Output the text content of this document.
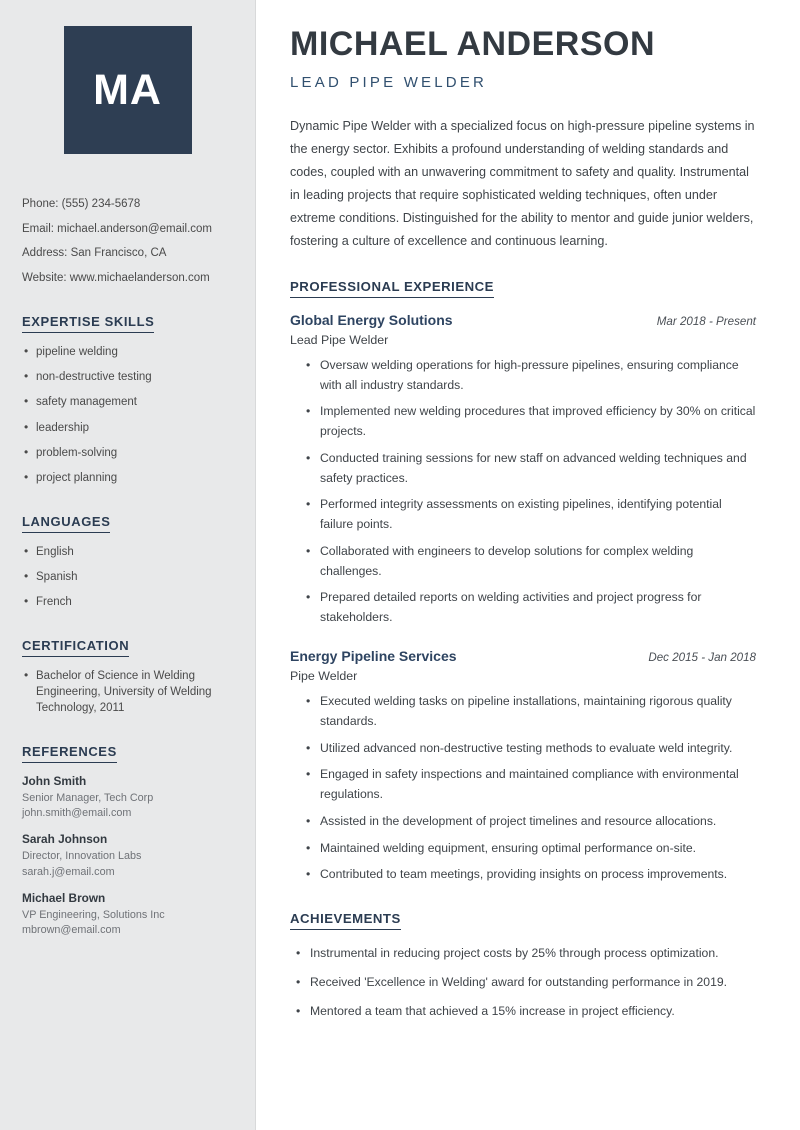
MA
Phone: (555) 234-5678
Email: michael.anderson@email.com
Address: San Francisco, CA
Website: www.michaelanderson.com
EXPERTISE SKILLS
• pipeline welding
• non-destructive testing
• safety management
• leadership
• problem-solving
• project planning
LANGUAGES
• English
• Spanish
• French
CERTIFICATION
• Bachelor of Science in Welding Engineering, University of Welding Technology, 2011
REFERENCES
John Smith
Senior Manager, Tech Corp
john.smith@email.com
Sarah Johnson
Director, Innovation Labs
sarah.j@email.com
Michael Brown
VP Engineering, Solutions Inc
mbrown@email.com
MICHAEL ANDERSON
LEAD PIPE WELDER

Dynamic Pipe Welder with a specialized focus on high-pressure pipeline systems in the energy sector. Exhibits a profound understanding of welding standards and codes, coupled with an unwavering commitment to safety and quality. Instrumental in leading projects that require sophisticated welding techniques, often under extreme conditions. Distinguished for the ability to mentor and guide junior welders, fostering a culture of excellence and continuous learning.

PROFESSIONAL EXPERIENCE
Global Energy Solutions	Mar 2018 - Present
Lead Pipe Welder
• Oversaw welding operations for high-pressure pipelines, ensuring compliance with all industry standards.
• Implemented new welding procedures that improved efficiency by 30% on critical projects.
• Conducted training sessions for new staff on advanced welding techniques and safety practices.
• Performed integrity assessments on existing pipelines, identifying potential failure points.
• Collaborated with engineers to develop solutions for complex welding challenges.
• Prepared detailed reports on welding activities and project progress for stakeholders.
Energy Pipeline Services	Dec 2015 - Jan 2018
Pipe Welder
• Executed welding tasks on pipeline installations, maintaining rigorous quality standards.
• Utilized advanced non-destructive testing methods to evaluate weld integrity.
• Engaged in safety inspections and maintained compliance with environmental regulations.
• Assisted in the development of project timelines and resource allocations.
• Maintained welding equipment, ensuring optimal performance on-site.
• Contributed to team meetings, providing insights on process improvements.
ACHIEVEMENTS
• Instrumental in reducing project costs by 25% through process optimization.
• Received 'Excellence in Welding' award for outstanding performance in 2019.
• Mentored a team that achieved a 15% increase in project efficiency.
